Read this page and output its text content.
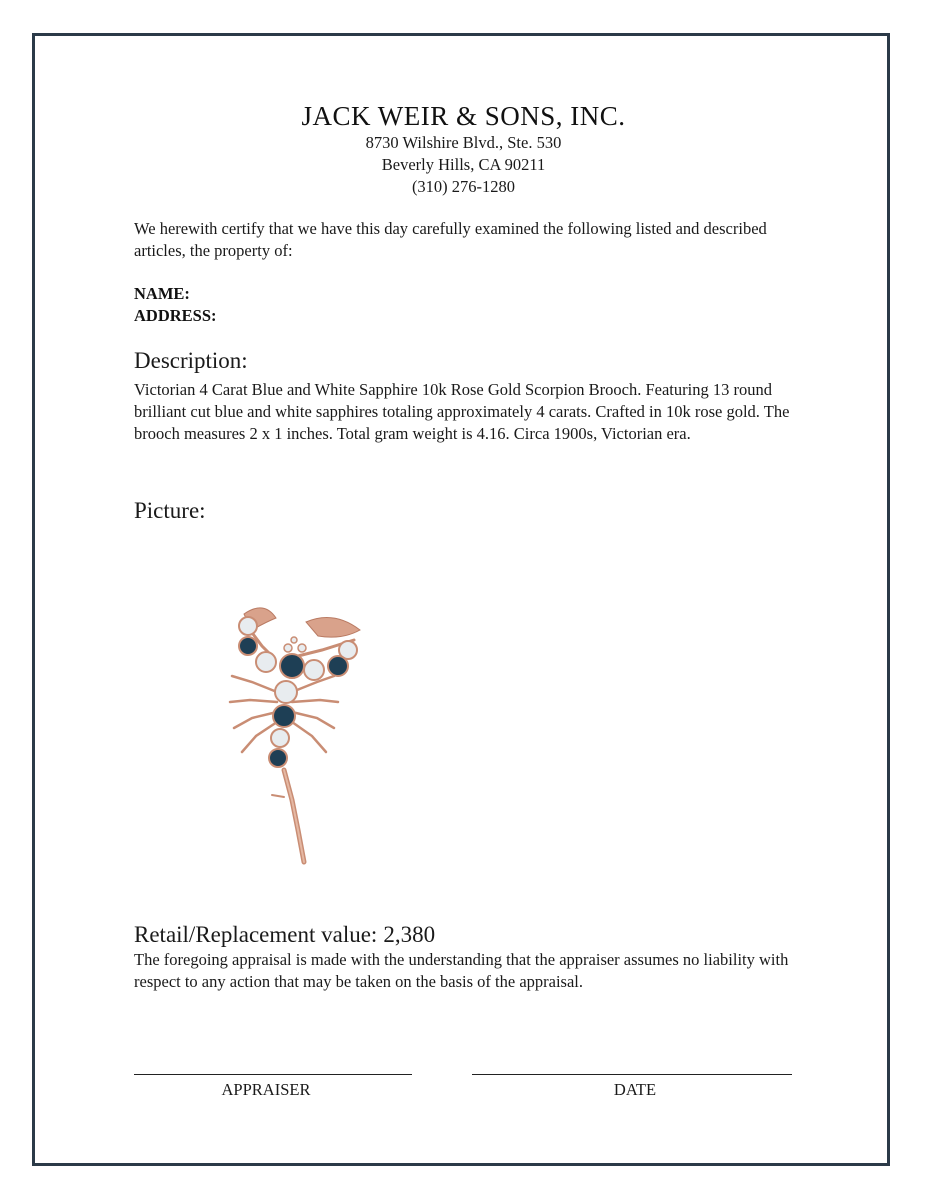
JACK WEIR & SONS, INC.
8730 Wilshire Blvd., Ste. 530
Beverly Hills, CA 90211
(310) 276-1280
We herewith certify that we have this day carefully examined the following listed and described articles, the property of:
NAME:
ADDRESS:
Description:
Victorian 4 Carat Blue and White Sapphire 10k Rose Gold Scorpion Brooch. Featuring 13 round brilliant cut blue and white sapphires totaling approximately 4 carats. Crafted in 10k rose gold. The brooch measures 2 x 1 inches. Total gram weight is 4.16. Circa 1900s, Victorian era.
Picture:
Retail/Replacement value: 2,380
The foregoing appraisal is made with the understanding that the appraiser assumes no liability with respect to any action that may be taken on the basis of the appraisal.
APPRAISER	DATE
